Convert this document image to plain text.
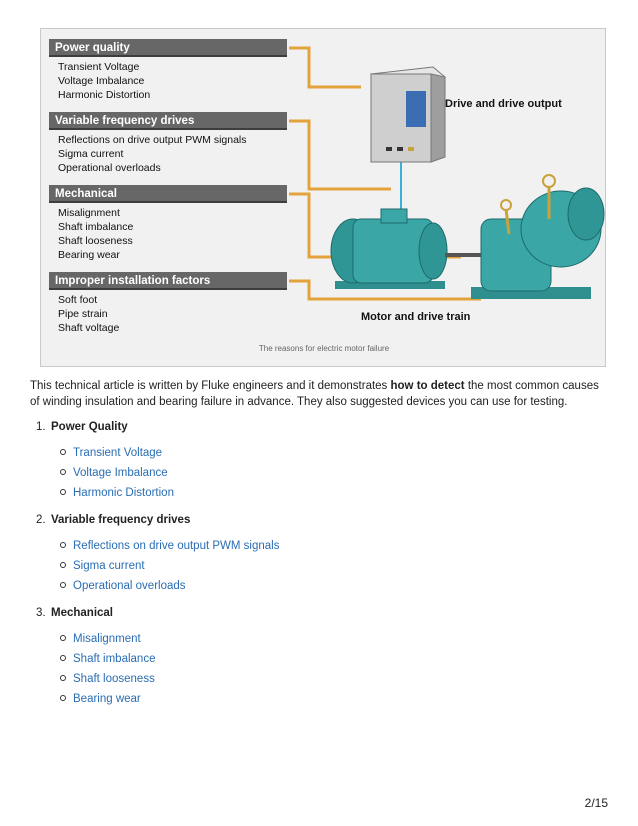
Power quality
Transient Voltage
Voltage Imbalance
Harmonic Distortion
Variable frequency drives
Reflections on drive output PWM signals
Sigma current
Operational overloads
Mechanical
Misalignment
Shaft imbalance
Shaft looseness
Bearing wear
Improper installation factors
Soft foot
Pipe strain
Shaft voltage
Drive and drive output
Motor and drive train
The reasons for electric motor failure
This technical article is written by Fluke engineers and it demonstrates how to detect the most common causes of winding insulation and bearing failure in advance. They also suggested devices you can use for testing.
1. Power Quality
Transient Voltage
Voltage Imbalance
Harmonic Distortion
2. Variable frequency drives
Reflections on drive output PWM signals
Sigma current
Operational overloads
3. Mechanical
Misalignment
Shaft imbalance
Shaft looseness
Bearing wear
2/15
